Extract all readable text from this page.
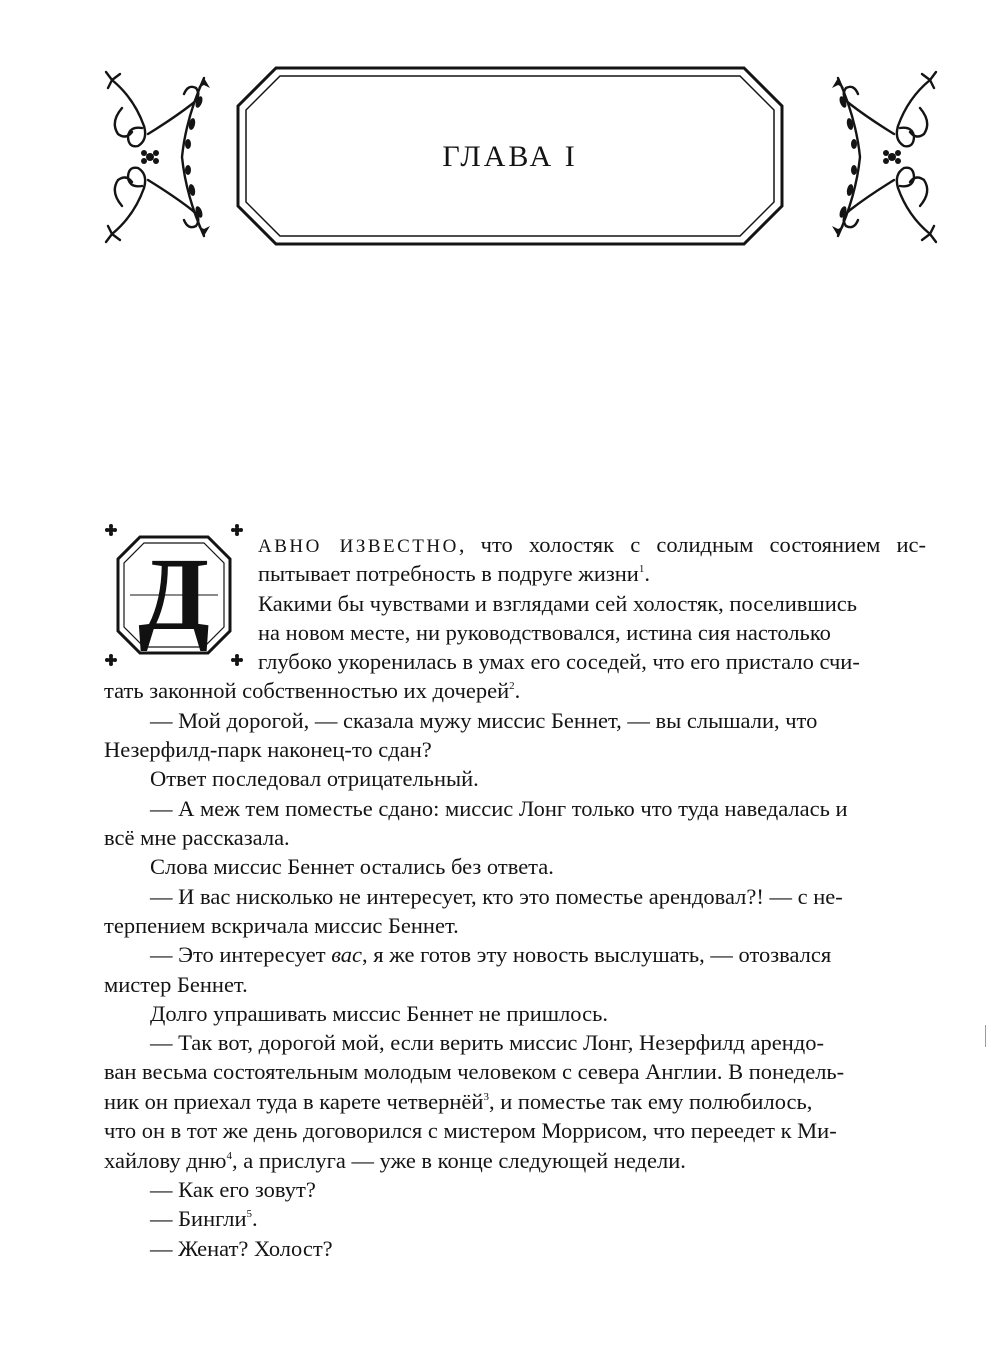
ГЛАВА I
Д	АВНО ИЗВЕСТНО, что холостяк с солидным состоянием ис-
пытывает потребность в подруге жизни$^1$.
Какими бы чувствами и взглядами сей холостяк, поселившись
на новом месте, ни руководствовался, истина сия настолько
глубоко укоренилась в умах его соседей, что его пристало счи-
тать законной собственностью их дочерей$^2$.
— Мой дорогой, — сказала мужу миссис Беннет, — вы слышали, что
Незерфилд-парк наконец-то сдан?
Ответ последовал отрицательный.
— А меж тем поместье сдано: миссис Лонг только что туда наведалась и
всё мне рассказала.
Слова миссис Беннет остались без ответа.
— И вас нисколько не интересует, кто это поместье арендовал?! — с не-
терпением вскричала миссис Беннет.
— Это интересует вас, я же готов эту новость выслушать, — отозвался
мистер Беннет.
Долго упрашивать миссис Беннет не пришлось.
— Так вот, дорогой мой, если верить миссис Лонг, Незерфилд арендо-
ван весьма состоятельным молодым человеком с севера Англии. В понедель-
ник он приехал туда в карете четвернёй$^3$, и поместье так ему полюбилось,
что он в тот же день договорился с мистером Моррисом, что переедет к Ми-
хайлову дню$^4$, а прислуга — уже в конце следующей недели.
— Как его зовут?
— Бингли$^5$.
— Женат? Холост?
